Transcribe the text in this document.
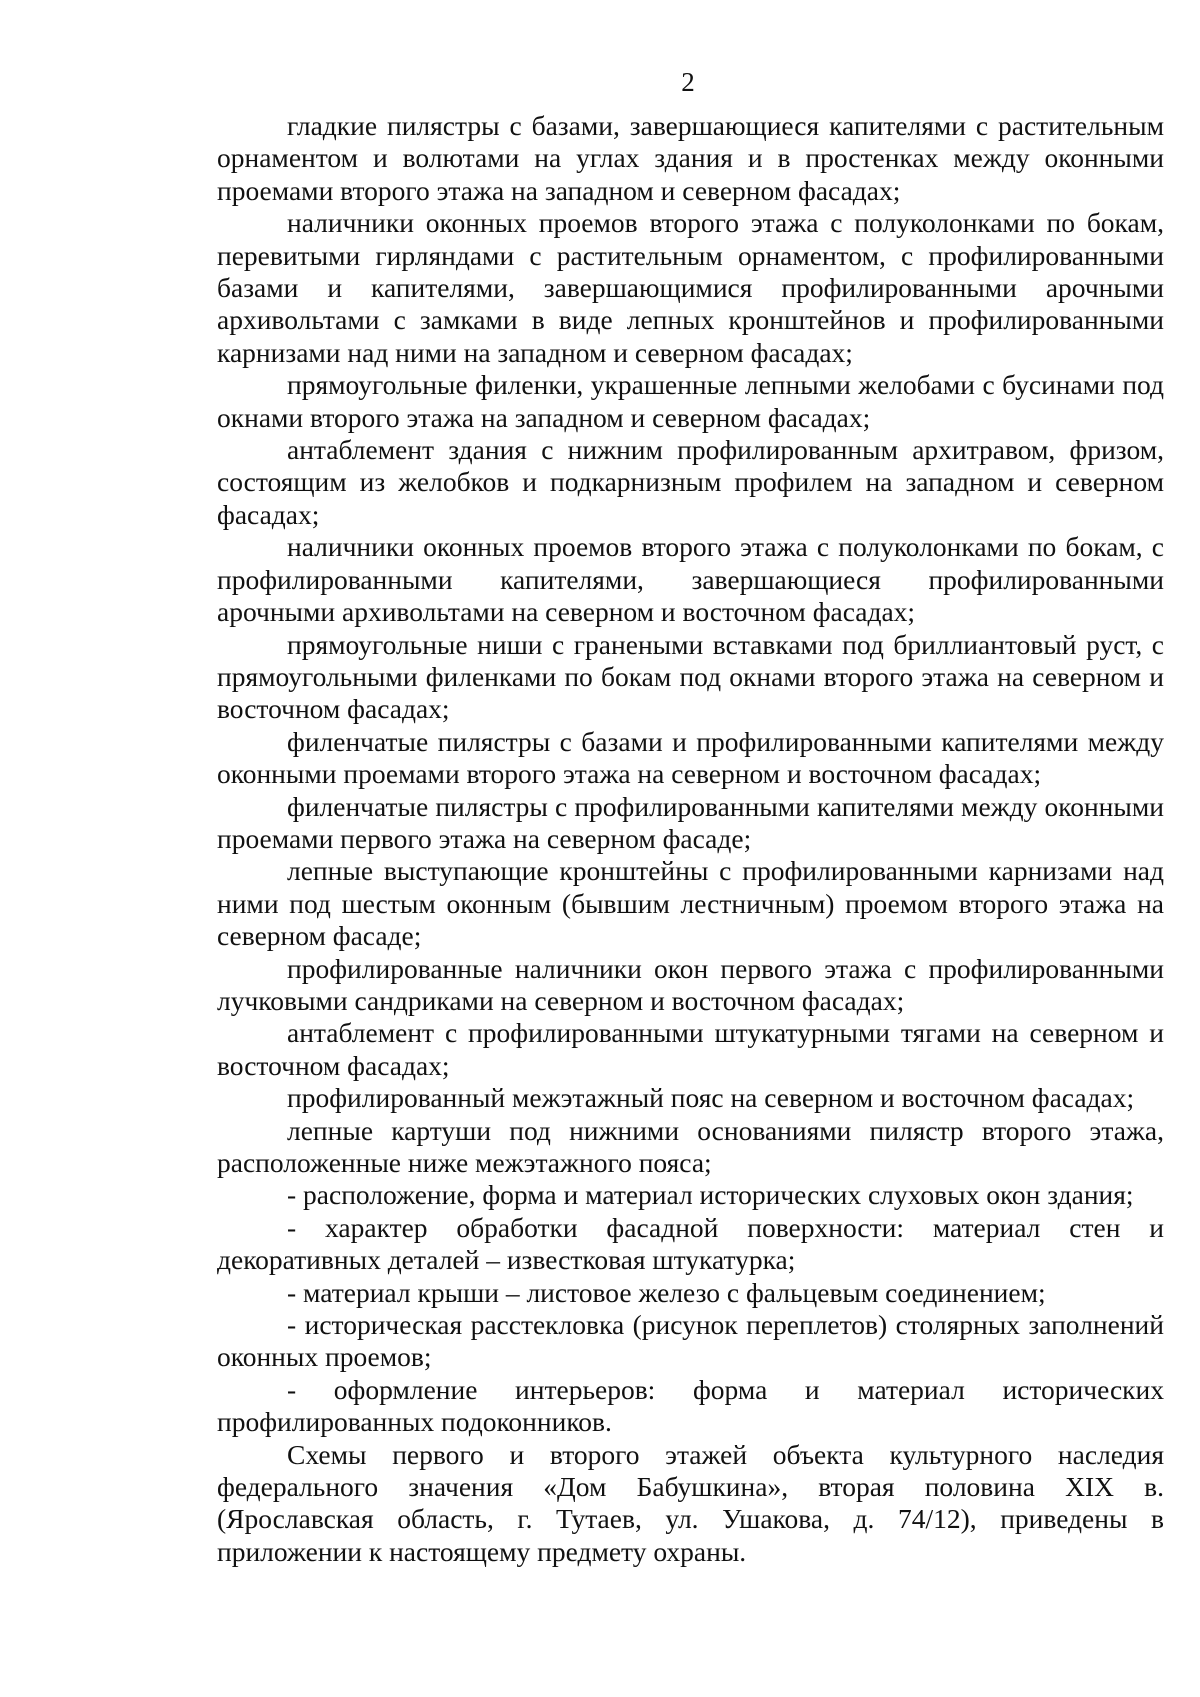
2

гладкие пилястры с базами, завершающиеся капителями с растительным орнаментом и волютами на углах здания и в простенках между оконными проемами второго этажа на западном и северном фасадах;

наличники оконных проемов второго этажа с полуколонками по бокам, перевитыми гирляндами с растительным орнаментом, с профилированными базами и капителями, завершающимися профилированными арочными архивольтами с замками в виде лепных кронштейнов и профилированными карнизами над ними на западном и северном фасадах;

прямоугольные филенки, украшенные лепными желобами с бусинами под окнами второго этажа на западном и северном фасадах;

антаблемент здания с нижним профилированным архитравом, фризом, состоящим из желобков и подкарнизным профилем на западном и северном фасадах;

наличники оконных проемов второго этажа с полуколонками по бокам, с профилированными капителями, завершающиеся профилированными арочными архивольтами на северном и восточном фасадах;

прямоугольные ниши с гранеными вставками под бриллиантовый руст, с прямоугольными филенками по бокам под окнами второго этажа на северном и восточном фасадах;

филенчатые пилястры с базами и профилированными капителями между оконными проемами второго этажа на северном и восточном фасадах;

филенчатые пилястры с профилированными капителями между оконными проемами первого этажа на северном фасаде;

лепные выступающие кронштейны с профилированными карнизами над ними под шестым оконным (бывшим лестничным) проемом второго этажа на северном фасаде;

профилированные наличники окон первого этажа с профилированными лучковыми сандриками на северном и восточном фасадах;

антаблемент с профилированными штукатурными тягами на северном и восточном фасадах;

профилированный межэтажный пояс на северном и восточном фасадах;

лепные картуши под нижними основаниями пилястр второго этажа, расположенные ниже межэтажного пояса;

- расположение, форма и материал исторических слуховых окон здания;

- характер обработки фасадной поверхности: материал стен и декоративных деталей – известковая штукатурка;

- материал крыши – листовое железо с фальцевым соединением;

- историческая расстекловка (рисунок переплетов) столярных заполнений оконных проемов;

- оформление интерьеров: форма и материал исторических профилированных подоконников.

Схемы первого и второго этажей объекта культурного наследия федерального значения «Дом Бабушкина», вторая половина XIX в. (Ярославская область, г. Тутаев, ул. Ушакова, д. 74/12), приведены в приложении к настоящему предмету охраны.
